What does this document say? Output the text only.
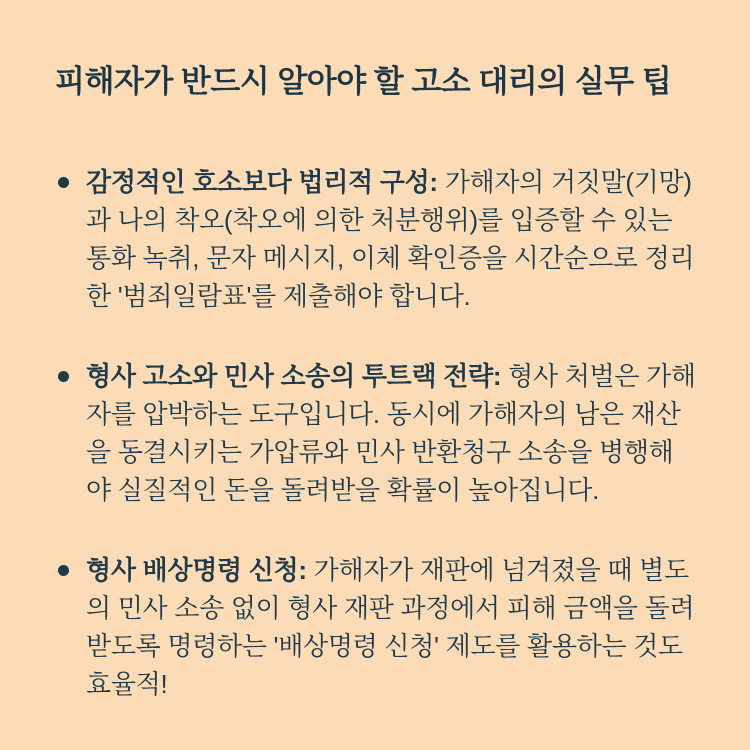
피해자가 반드시 알아야 할 고소 대리의 실무 팁

감정적인 호소보다 법리적 구성: 가해자의 거짓말(기망)과 나의 착오(착오에 의한 처분행위)를 입증할 수 있는 통화 녹취, 문자 메시지, 이체 확인증을 시간순으로 정리한 '범죄일람표'를 제출해야 합니다.

형사 고소와 민사 소송의 투트랙 전략: 형사 처벌은 가해자를 압박하는 도구입니다. 동시에 가해자의 남은 재산을 동결시키는 가압류와 민사 반환청구 소송을 병행해야 실질적인 돈을 돌려받을 확률이 높아집니다.

형사 배상명령 신청: 가해자가 재판에 넘겨졌을 때 별도의 민사 소송 없이 형사 재판 과정에서 피해 금액을 돌려받도록 명령하는 '배상명령 신청' 제도를 활용하는 것도 효율적!
